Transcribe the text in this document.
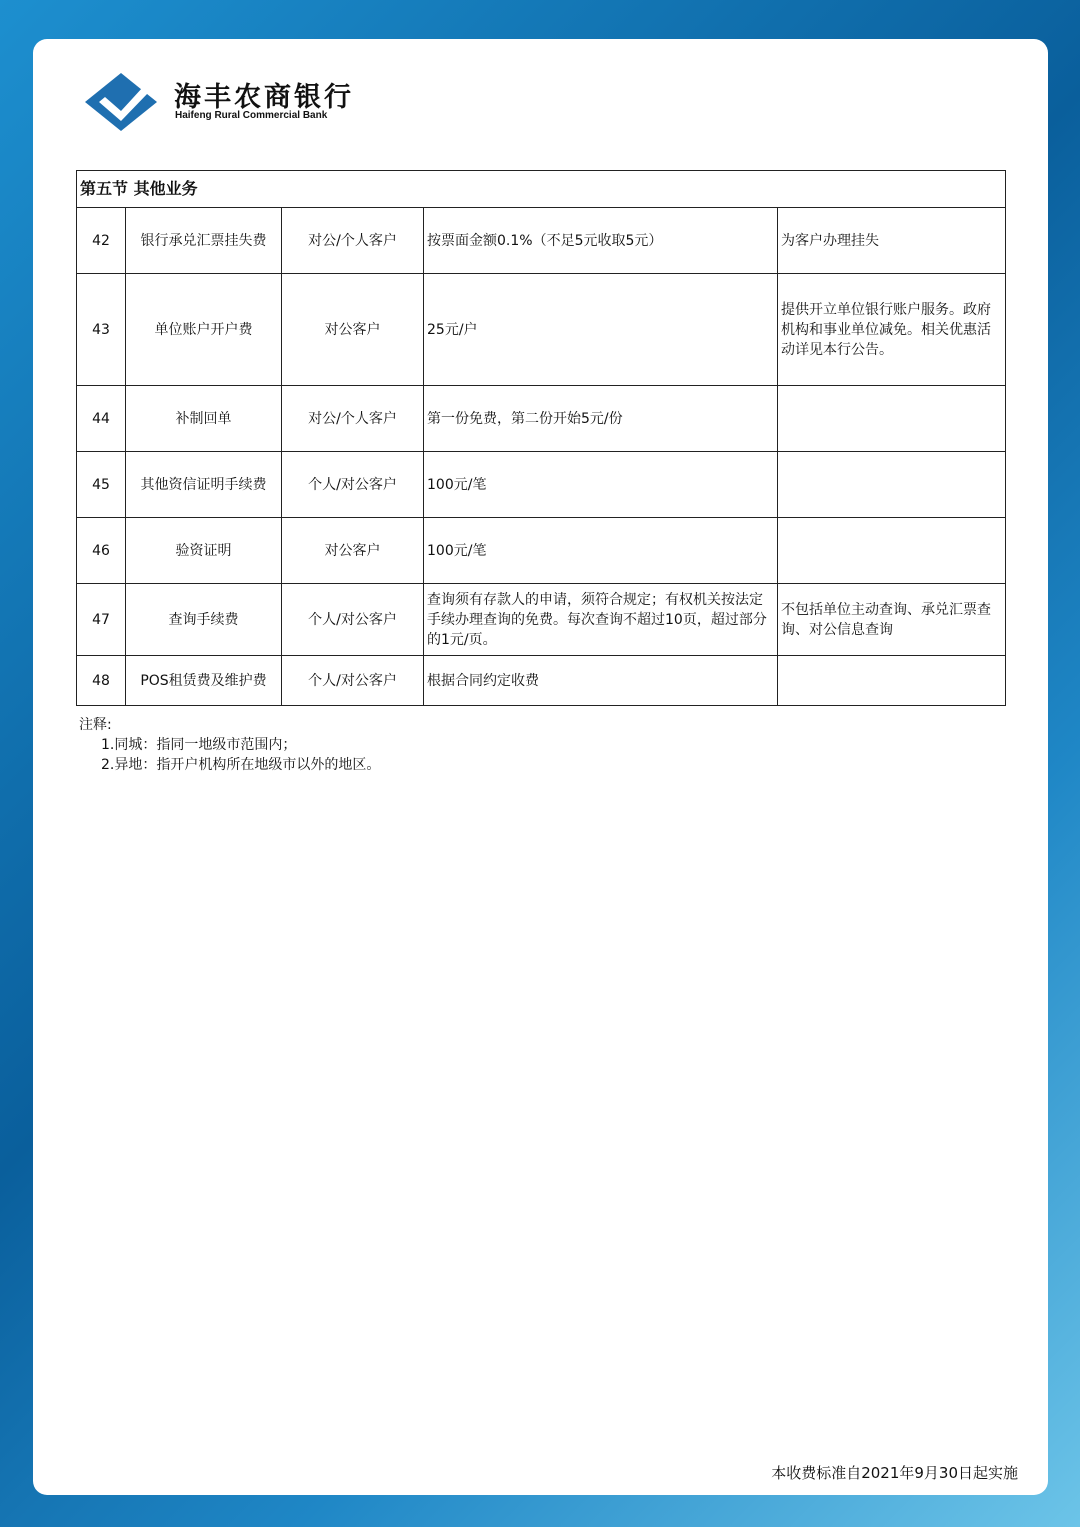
海丰农商银行
Haifeng Rural Commercial Bank
第五节 其他业务				
42	银行承兑汇票挂失费	对公/个人客户	按票面金额0.1%（不足5元收取5元）	为客户办理挂失
43	单位账户开户费	对公客户	25元/户	提供开立单位银行账户服务。政府机构和事业单位减免。相关优惠活动详见本行公告。
44	补制回单	对公/个人客户	第一份免费，第二份开始5元/份	
45	其他资信证明手续费	个人/对公客户	100元/笔	
46	验资证明	对公客户	100元/笔	
47	查询手续费	个人/对公客户	查询须有存款人的申请，须符合规定；有权机关按法定手续办理查询的免费。每次查询不超过10页，超过部分的1元/页。	不包括单位主动查询、承兑汇票查询、对公信息查询
48	POS租赁费及维护费	个人/对公客户	根据合同约定收费	
注释:
1.同城：指同一地级市范围内；
2.异地：指开户机构所在地级市以外的地区。
本收费标准自2021年9月30日起实施
